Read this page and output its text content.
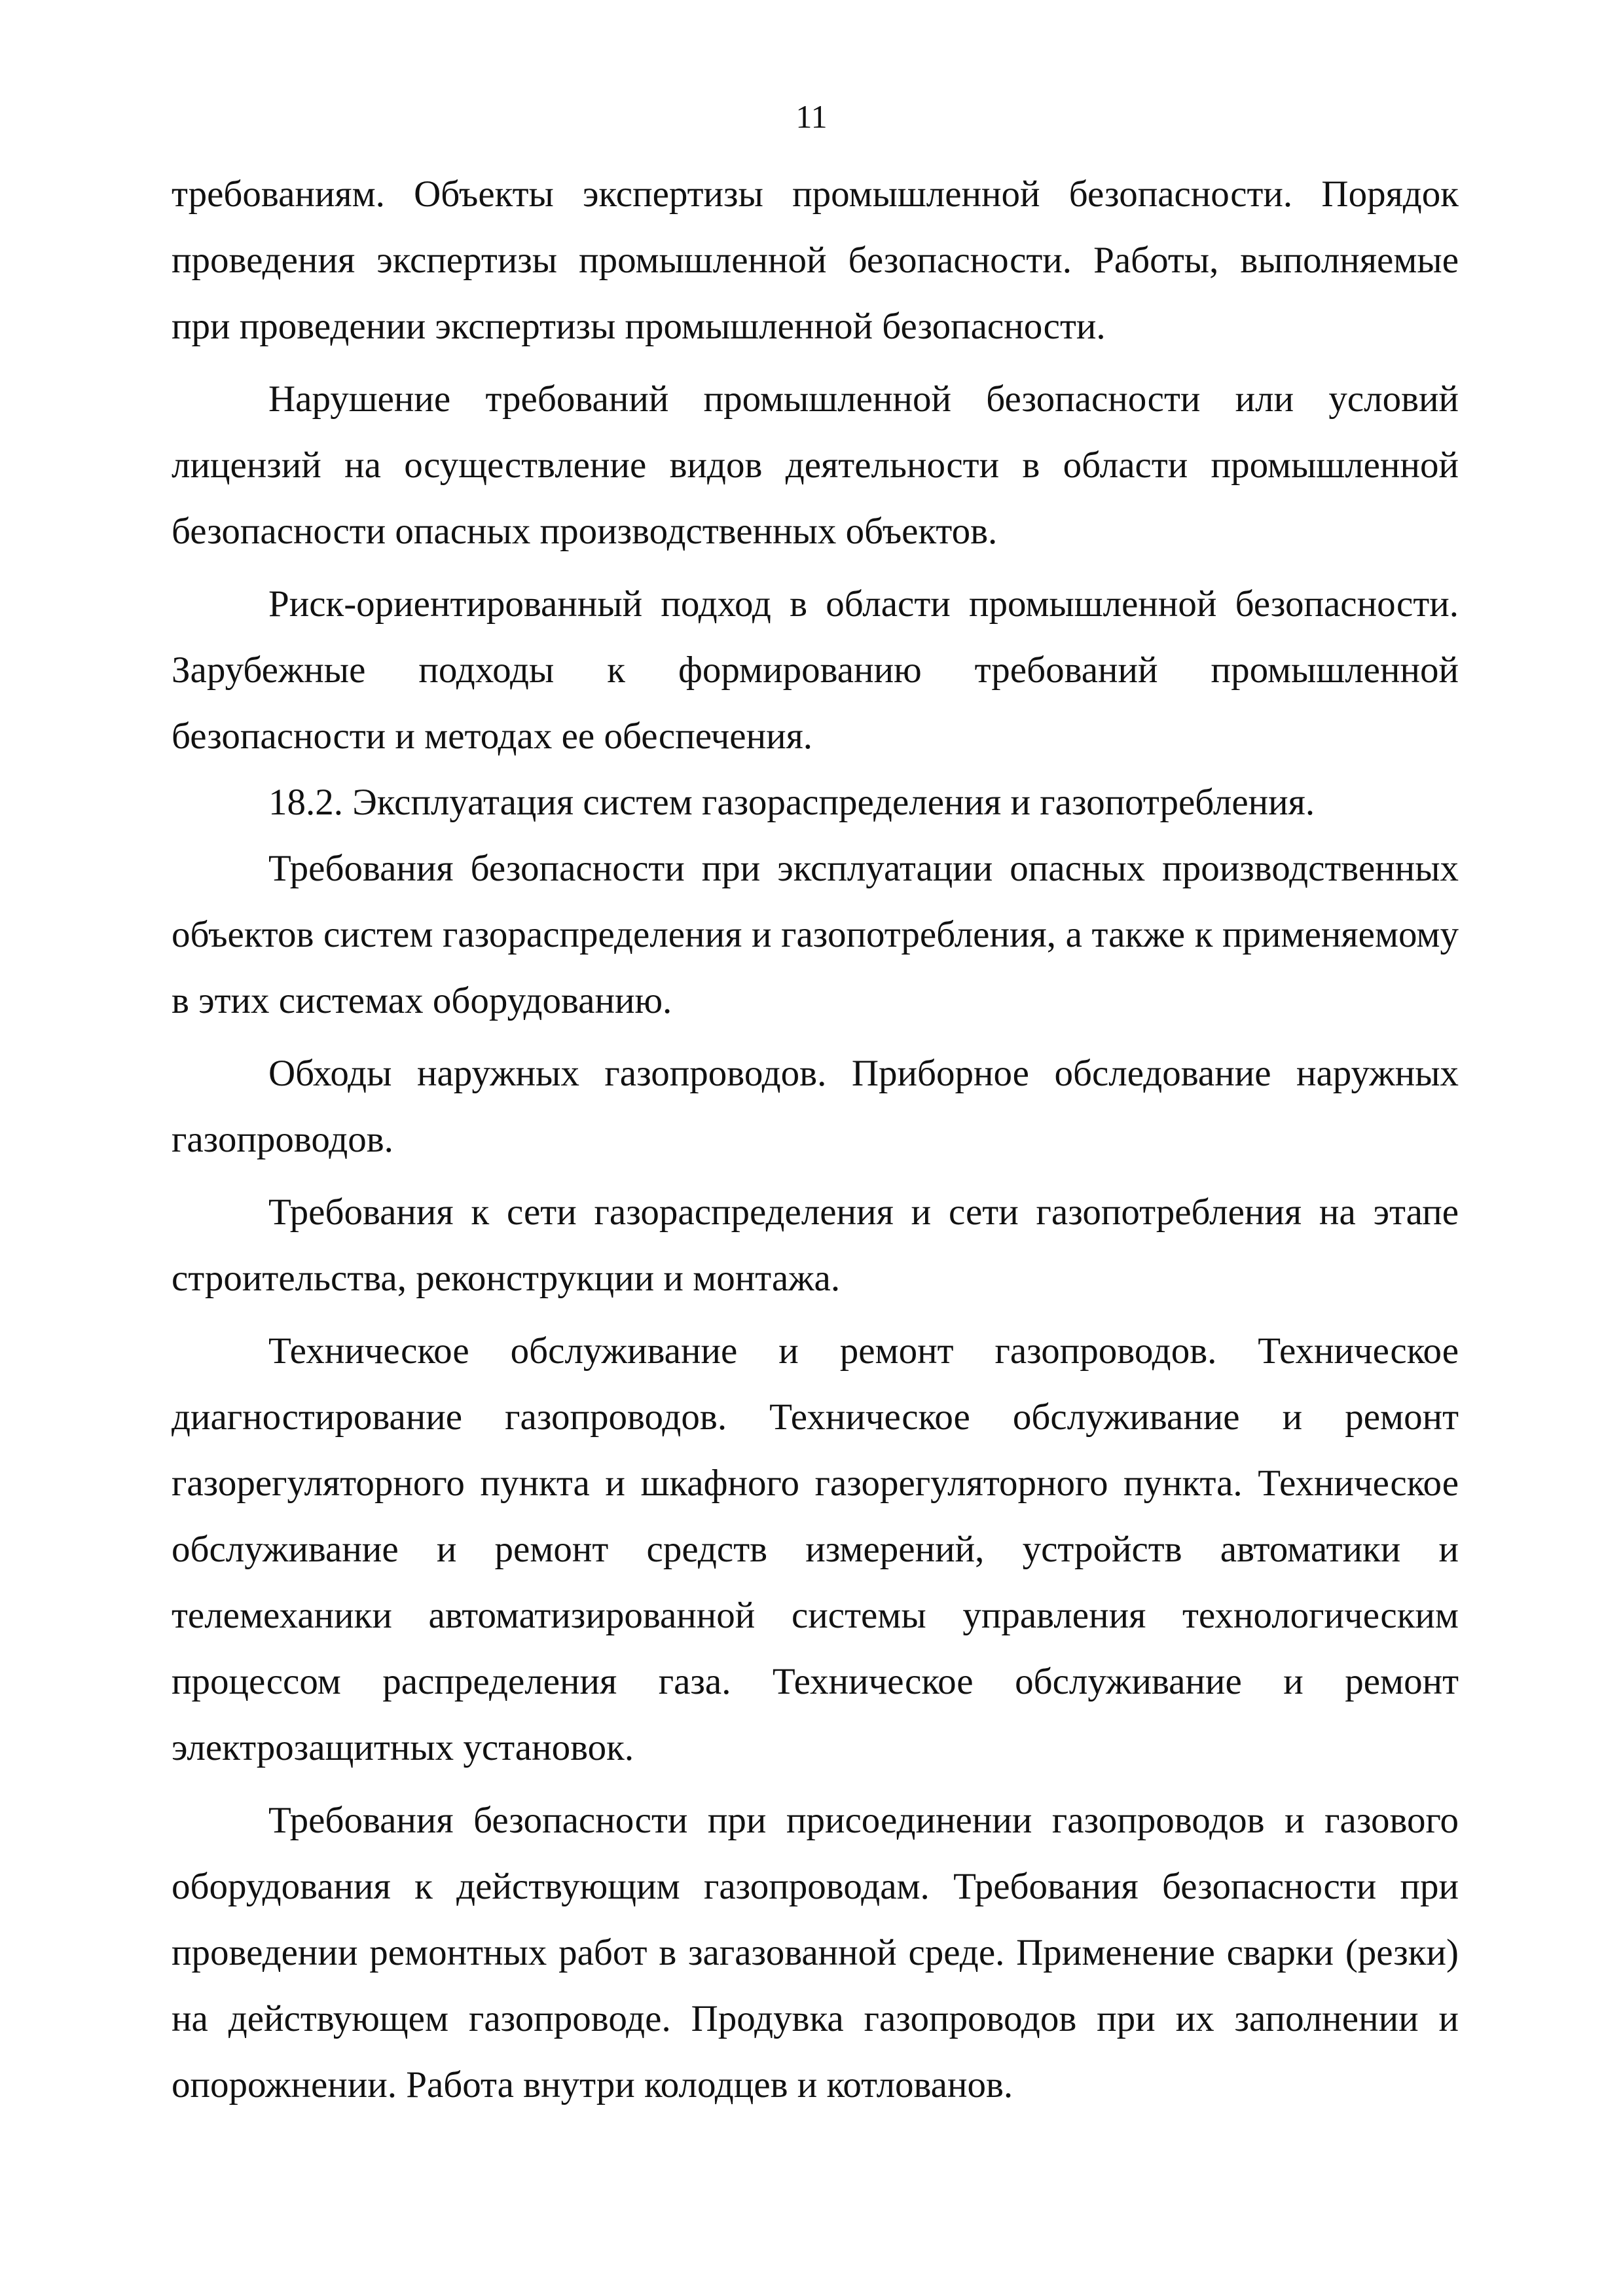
11

требованиям. Объекты экспертизы промышленной безопасности. Порядок проведения экспертизы промышленной безопасности. Работы, выполняемые при проведении экспертизы промышленной безопасности.

Нарушение требований промышленной безопасности или условий лицензий на осуществление видов деятельности в области промышленной безопасности опасных производственных объектов.

Риск-ориентированный подход в области промышленной безопасности. Зарубежные подходы к формированию требований промышленной безопасности и методах ее обеспечения.

18.2. Эксплуатация систем газораспределения и газопотребления.

Требования безопасности при эксплуатации опасных производственных объектов систем газораспределения и газопотребления, а также к применяемому в этих системах оборудованию.

Обходы наружных газопроводов. Приборное обследование наружных газопроводов.

Требования к сети газораспределения и сети газопотребления на этапе строительства, реконструкции и монтажа.

Техническое обслуживание и ремонт газопроводов. Техническое диагностирование газопроводов. Техническое обслуживание и ремонт газорегуляторного пункта и шкафного газорегуляторного пункта. Техническое обслуживание и ремонт средств измерений, устройств автоматики и телемеханики автоматизированной системы управления технологическим процессом распределения газа. Техническое обслуживание и ремонт электрозащитных установок.

Требования безопасности при присоединении газопроводов и газового оборудования к действующим газопроводам. Требования безопасности при проведении ремонтных работ в загазованной среде. Применение сварки (резки) на действующем газопроводе. Продувка газопроводов при их заполнении и опорожнении. Работа внутри колодцев и котлованов.
